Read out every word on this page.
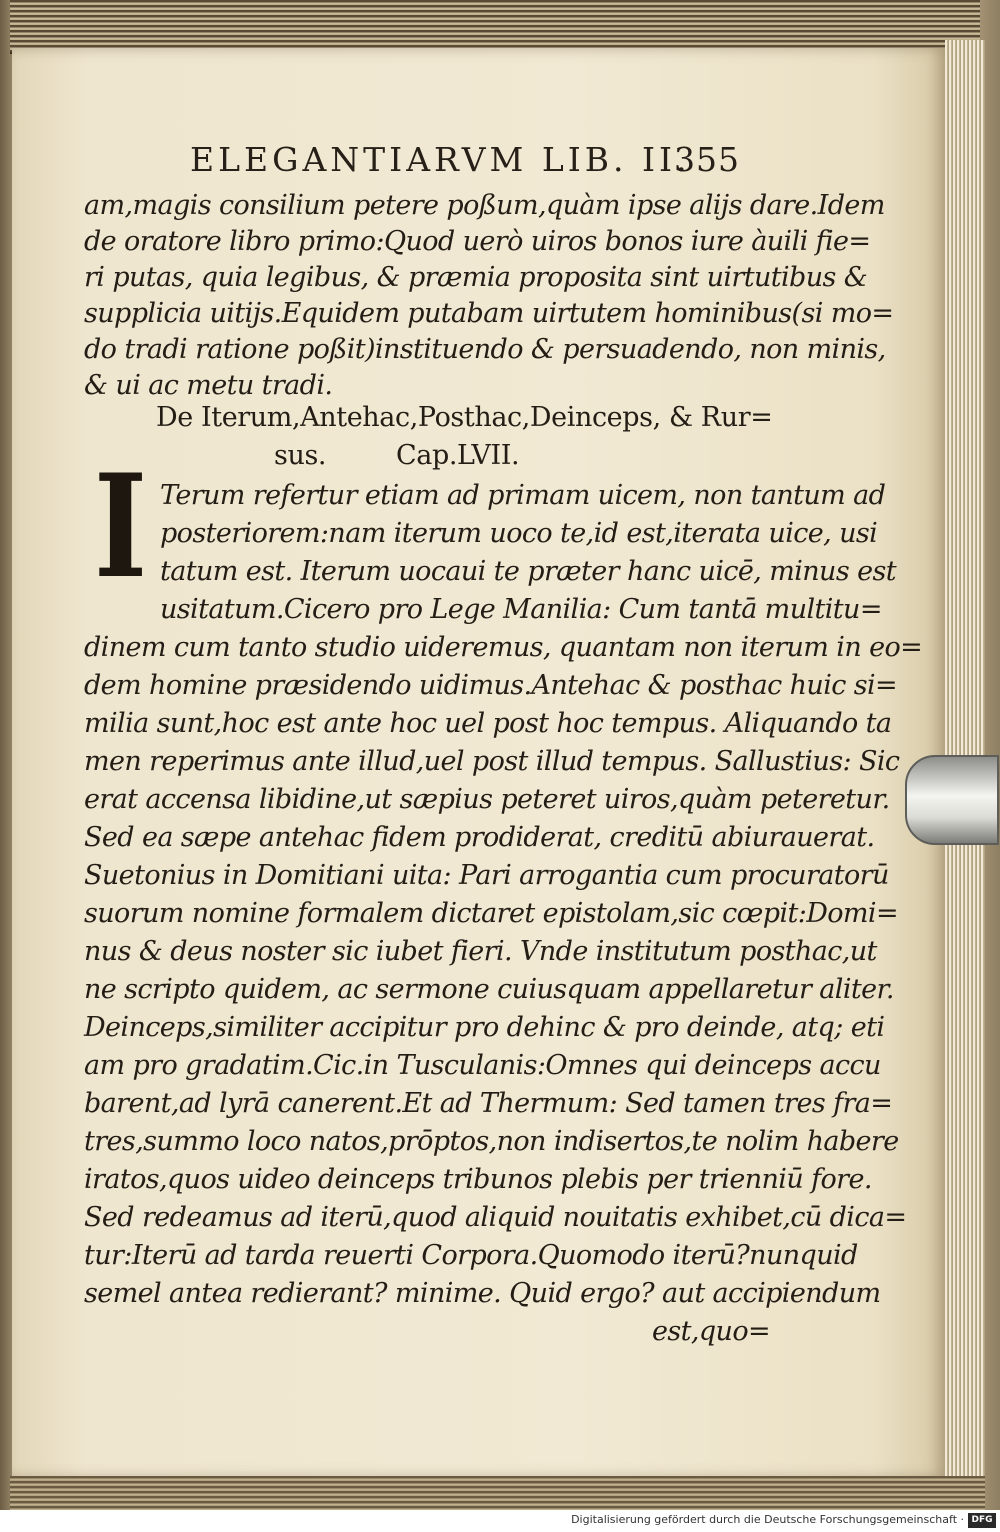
ELEGANTIARVM LIB. II.
355
am,magis consilium petere poßum,quàm ipse alijs dare.Idem
de oratore libro primo:Quod uerò uiros bonos iure àuili fie=
ri putas, quia legibus, & præmia proposita sint uirtutibus &
supplicia uitijs.Equidem putabam uirtutem hominibus(si mo=
do tradi ratione poßit)instituendo & persuadendo, non minis,
& ui ac metu tradi.
De Iterum,Antehac,Posthac,Deinceps, & Rur=
sus.	Cap.LVII.
Terum refertur etiam ad primam uicem, non tantum ad
posteriorem:nam iterum uoco te,id est,iterata uice, usi
tatum est. Iterum uocaui te præter hanc uicē, minus est
usitatum.Cicero pro Lege Manilia: Cum tantā multitu=
dinem cum tanto studio uideremus, quantam non iterum in eo=
dem homine præsidendo uidimus.Antehac & posthac huic si=
milia sunt,hoc est ante hoc uel post hoc tempus. Aliquando ta
men reperimus ante illud,uel post illud tempus. Sallustius: Sic
erat accensa libidine,ut sæpius peteret uiros,quàm peteretur.
Sed ea sæpe antehac fidem prodiderat, creditū abiurauerat.
Suetonius in Domitiani uita: Pari arrogantia cum procuratorū
suorum nomine formalem dictaret epistolam,sic cœpit:Domi=
nus & deus noster sic iubet fieri. Vnde institutum posthac,ut
ne scripto quidem, ac sermone cuiusquam appellaretur aliter.
Deinceps,similiter accipitur pro dehinc & pro deinde, atq; eti
am pro gradatim.Cic.in Tusculanis:Omnes qui deinceps accu
barent,ad lyrā canerent.Et ad Thermum: Sed tamen tres fra=
tres,summo loco natos,prōptos,non indisertos,te nolim habere
iratos,quos uideo deinceps tribunos plebis per trienniū fore.
Sed redeamus ad iterū,quod aliquid nouitatis exhibet,cū dica=
tur:Iterū ad tarda reuerti Corpora.Quomodo iterū?nunquid
semel antea redierant? minime. Quid ergo? aut accipiendum
est,quo=
I
Digitalisierung gefördert durch die Deutsche Forschungsgemeinschaft · DFG
